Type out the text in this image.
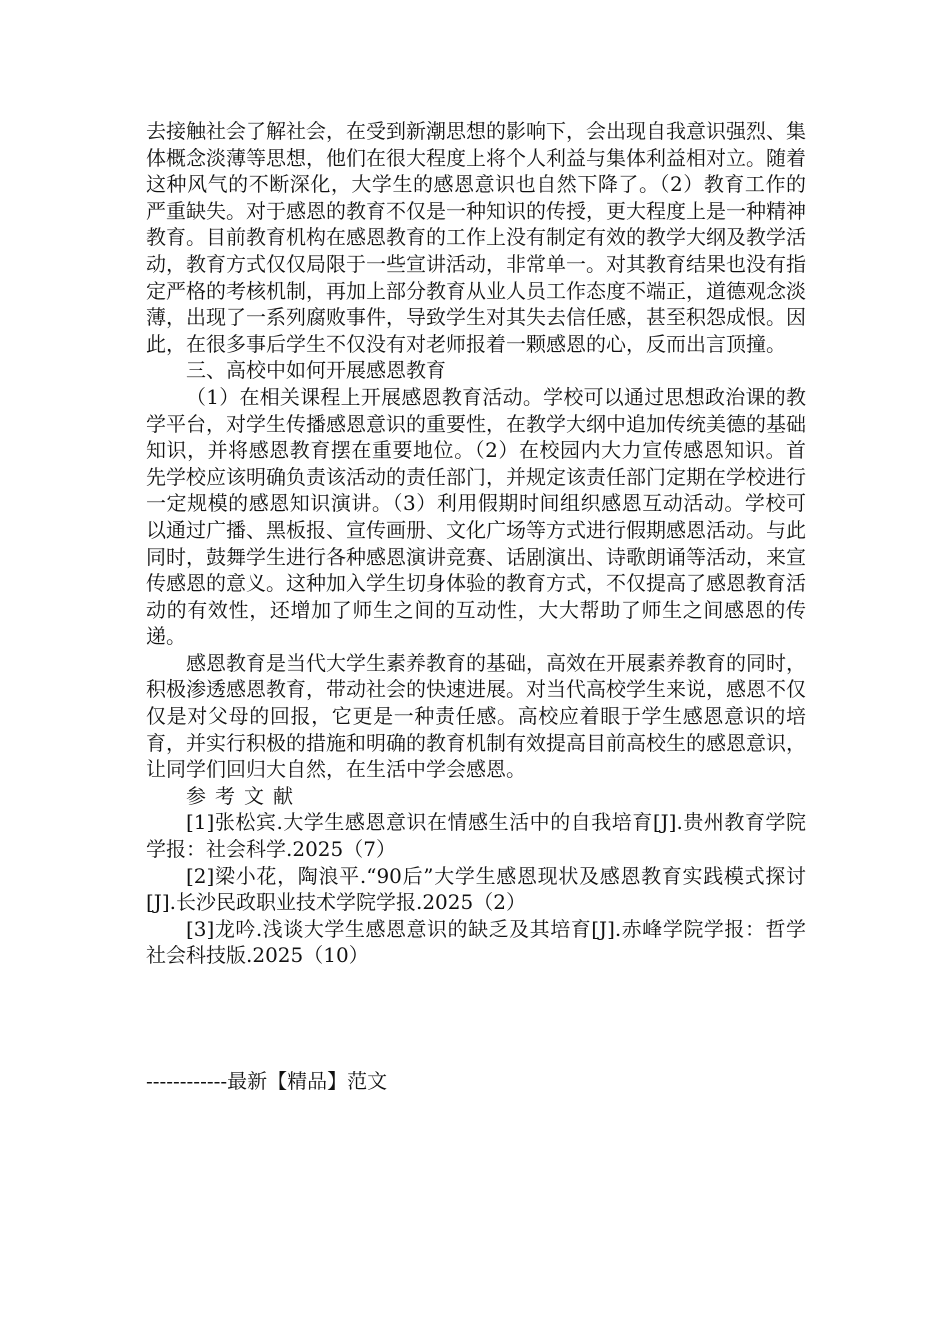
去接触社会了解社会，在受到新潮思想的影响下，会出现自我意识强烈、集体概念淡薄等思想，他们在很大程度上将个人利益与集体利益相对立。随着这种风气的不断深化，大学生的感恩意识也自然下降了。（2）教育工作的严重缺失。对于感恩的教育不仅是一种知识的传授，更大程度上是一种精神教育。目前教育机构在感恩教育的工作上没有制定有效的教学大纲及教学活动，教育方式仅仅局限于一些宣讲活动，非常单一。对其教育结果也没有指定严格的考核机制，再加上部分教育从业人员工作态度不端正，道德观念淡薄，出现了一系列腐败事件，导致学生对其失去信任感，甚至积怨成恨。因此，在很多事后学生不仅没有对老师报着一颗感恩的心，反而出言顶撞。

三、高校中如何开展感恩教育

（1）在相关课程上开展感恩教育活动。学校可以通过思想政治课的教学平台，对学生传播感恩意识的重要性，在教学大纲中追加传统美德的基础知识，并将感恩教育摆在重要地位。（2）在校园内大力宣传感恩知识。首先学校应该明确负责该活动的责任部门，并规定该责任部门定期在学校进行一定规模的感恩知识演讲。（3）利用假期时间组织感恩互动活动。学校可以通过广播、黑板报、宣传画册、文化广场等方式进行假期感恩活动。与此同时，鼓舞学生进行各种感恩演讲竞赛、话剧演出、诗歌朗诵等活动，来宣传感恩的意义。这种加入学生切身体验的教育方式，不仅提高了感恩教育活动的有效性，还增加了师生之间的互动性，大大帮助了师生之间感恩的传递。

感恩教育是当代大学生素养教育的基础，高效在开展素养教育的同时，积极渗透感恩教育，带动社会的快速进展。对当代高校学生来说，感恩不仅仅是对父母的回报，它更是一种责任感。高校应着眼于学生感恩意识的培育，并实行积极的措施和明确的教育机制有效提高目前高校生的感恩意识，让同学们回归大自然，在生活中学会感恩。

参考文献

[1]张松宾.大学生感恩意识在情感生活中的自我培育[J].贵州教育学院学报：社会科学.2025（7）

[2]梁小花，陶浪平.“90后”大学生感恩现状及感恩教育实践模式探讨[J].长沙民政职业技术学院学报.2025（2）

[3]龙吟.浅谈大学生感恩意识的缺乏及其培育[J].赤峰学院学报：哲学社会科技版.2025（10）

------------最新【精品】范文
